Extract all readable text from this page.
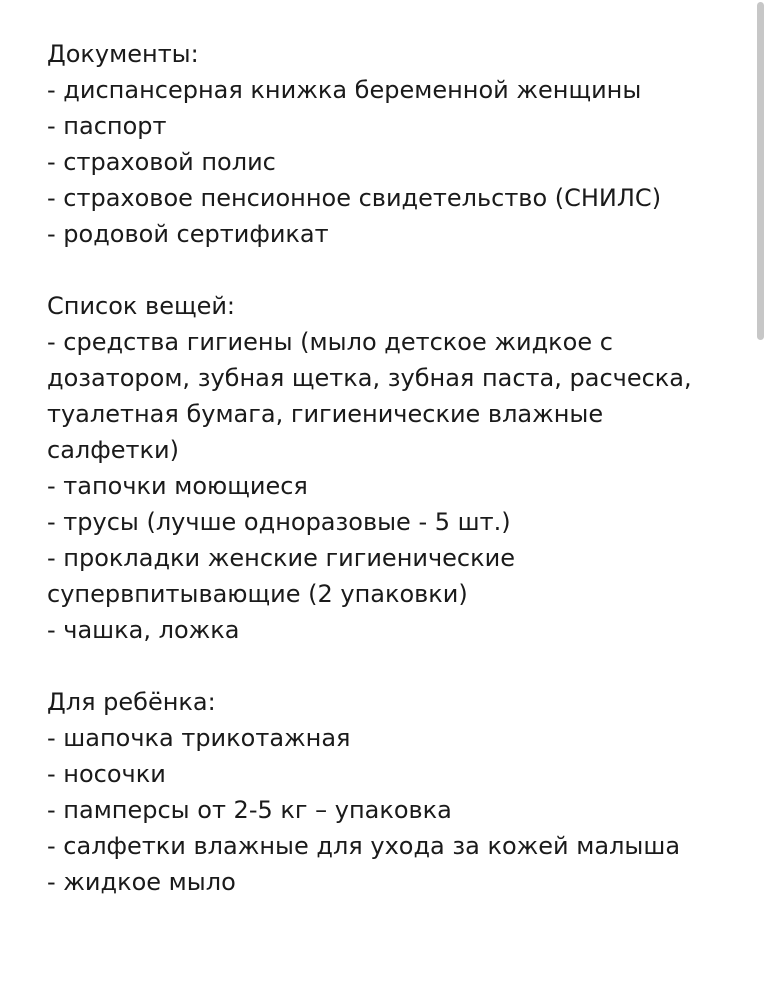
Документы:
- диспансерная книжка беременной женщины
- паспорт
- страховой полис
- страховое пенсионное свидетельство (СНИЛС)
- родовой сертификат
Список вещей:
- средства гигиены (мыло детское жидкое с дозатором, зубная щетка, зубная паста, расческа, туалетная бумага, гигиенические влажные салфетки)
- тапочки моющиеся
- трусы (лучше одноразовые - 5 шт.)
- прокладки женские гигиенические супервпитывающие (2 упаковки)
- чашка, ложка
Для ребёнка:
- шапочка трикотажная
- носочки
- памперсы от 2-5 кг – упаковка
- салфетки влажные для ухода за кожей малыша
- жидкое мыло
